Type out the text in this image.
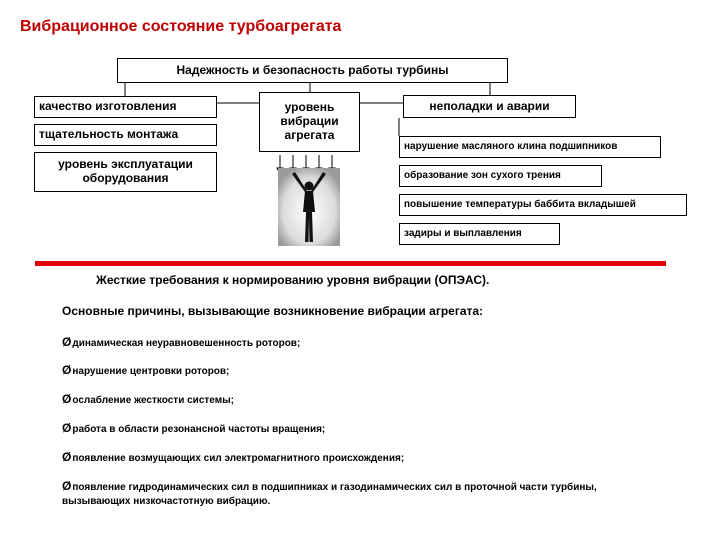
Вибрационное состояние турбоагрегата
Надежность и безопасность работы турбины
качество изготовления
тщательность монтажа
уровень эксплуатации оборудования
уровень вибрации агрегата
неполадки и аварии
нарушение масляного клина подшипников
образование зон сухого трения
повышение температуры баббита вкладышей
задиры и выплавления
Жесткие требования к нормированию уровня вибрации (ОПЭАС).
Основные причины, вызывающие возникновение вибрации агрегата:
Øдинамическая неуравновешенность роторов;
Øнарушение центровки роторов;
Øослабление жесткости системы;
Øработа в области резонансной частоты вращения;
Øпоявление возмущающих сил электромагнитного происхождения;
Øпоявление гидродинамических сил в подшипниках и газодинамических сил в проточной части турбины, вызывающих низкочастотную вибрацию.
